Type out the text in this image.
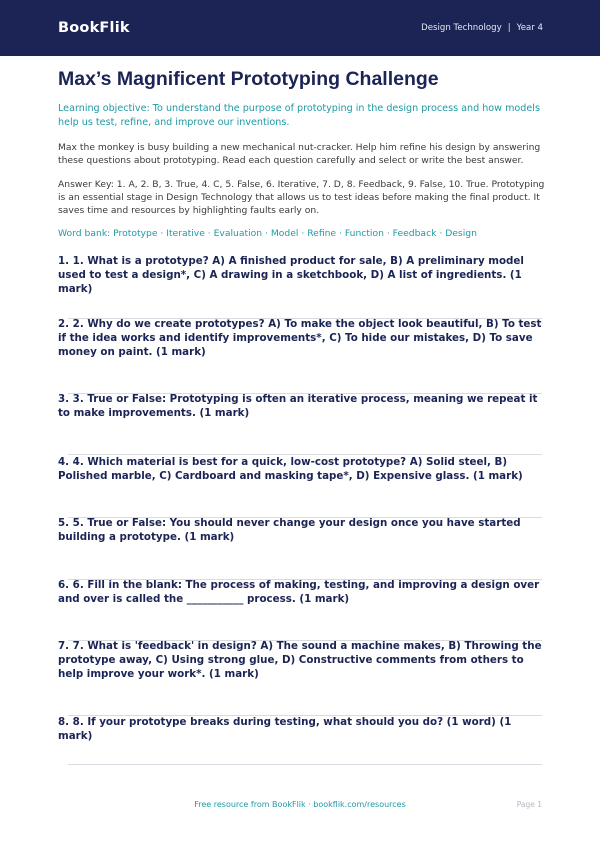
BookFlik	Design Technology | Year 4
Max’s Magnificent Prototyping Challenge

Learning objective: To understand the purpose of prototyping in the design process and how models help us test, refine, and improve our inventions.

Max the monkey is busy building a new mechanical nut-cracker. Help him refine his design by answering these questions about prototyping. Read each question carefully and select or write the best answer.

Answer Key: 1. A, 2. B, 3. True, 4. C, 5. False, 6. Iterative, 7. D, 8. Feedback, 9. False, 10. True. Prototyping is an essential stage in Design Technology that allows us to test ideas before making the final product. It saves time and resources by highlighting faults early on.

Word bank: Prototype · Iterative · Evaluation · Model · Refine · Function · Feedback · Design

1. 1. What is a prototype? A) A finished product for sale, B) A preliminary model used to test a design*, C) A drawing in a sketchbook, D) A list of ingredients. (1 mark)
2. 2. Why do we create prototypes? A) To make the object look beautiful, B) To test if the idea works and identify improvements*, C) To hide our mistakes, D) To save money on paint. (1 mark)
3. 3. True or False: Prototyping is often an iterative process, meaning we repeat it to make improvements. (1 mark)
4. 4. Which material is best for a quick, low-cost prototype? A) Solid steel, B) Polished marble, C) Cardboard and masking tape*, D) Expensive glass. (1 mark)
5. 5. True or False: You should never change your design once you have started building a prototype. (1 mark)
6. 6. Fill in the blank: The process of making, testing, and improving a design over and over is called the ___________ process. (1 mark)
7. 7. What is 'feedback' in design? A) The sound a machine makes, B) Throwing the prototype away, C) Using strong glue, D) Constructive comments from others to help improve your work*. (1 mark)
8. 8. If your prototype breaks during testing, what should you do? (1 word) (1 mark)
Free resource from BookFlik · bookflik.com/resources	Page 1
